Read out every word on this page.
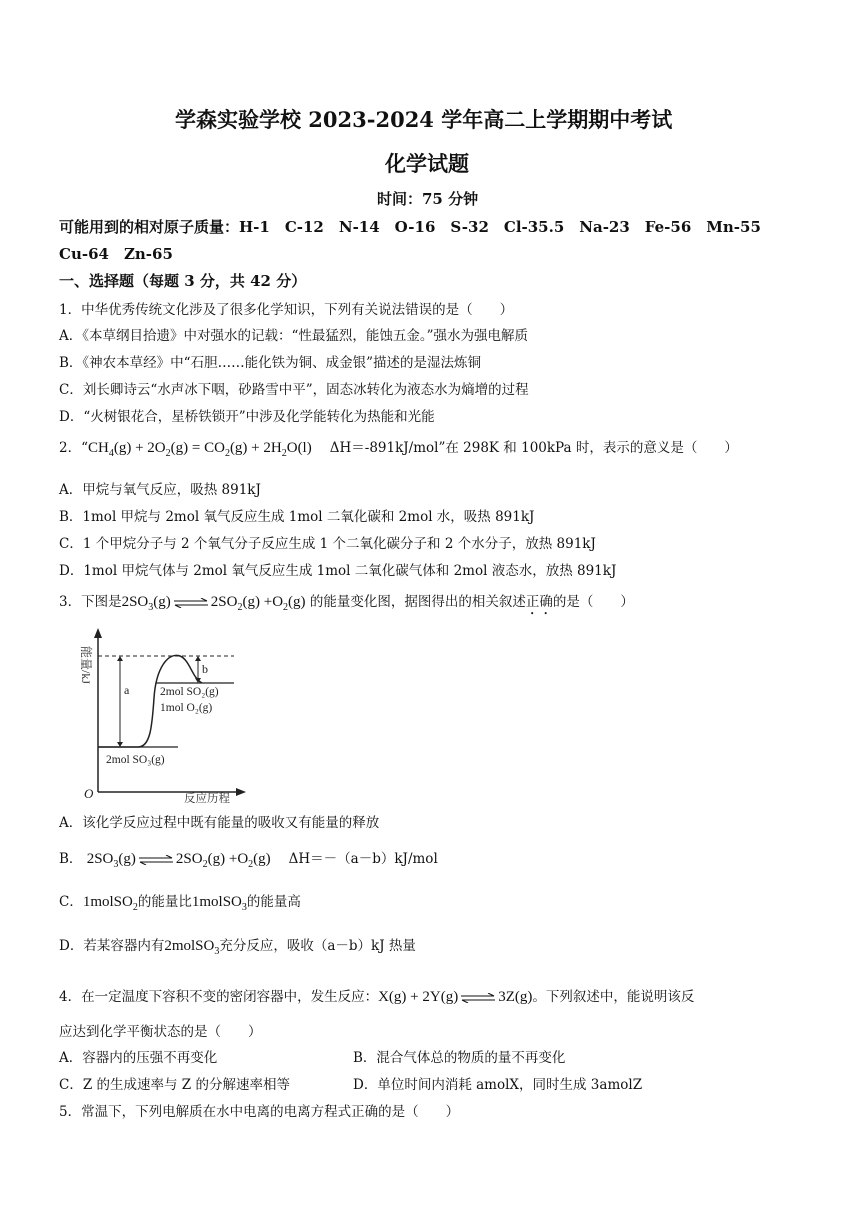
学森实验学校 2023-2024 学年高二上学期期中考试
化学试题
时间：75 分钟
可能用到的相对原子质量：H-1　C-12　N-14　O-16　S-32　Cl-35.5　Na-23　Fe-56　Mn-55
Cu-64　Zn-65
一、选择题（每题 3 分，共 42 分）
1．中华优秀传统文化涉及了很多化学知识，下列有关说法错误的是（　　）
A．《本草纲目拾遗》中对强水的记载：“性最猛烈，能蚀五金。”强水为强电解质
B．《神农本草经》中“石胆……能化铁为铜、成金银”描述的是湿法炼铜
C．刘长卿诗云“水声冰下咽，砂路雪中平”，固态冰转化为液态水为熵增的过程
D．“火树银花合，星桥铁锁开”中涉及化学能转化为热能和光能
2．“$CH_4(g) + 2O_2(g) = CO_2(g) + 2H_2O(l)$ ΔH＝-891kJ/mol”在 298K 和 100kPa 时，表示的意义是（　　）
A．甲烷与氧气反应，吸热 891kJ
B．1mol 甲烷与 2mol 氧气反应生成 1mol 二氧化碳和 2mol 水，吸热 891kJ
C．1 个甲烷分子与 2 个氧气分子反应生成 1 个二氧化碳分子和 2 个水分子，放热 891kJ
D．1mol 甲烷气体与 2mol 氧气反应生成 1mol 二氧化碳气体和 2mol 液态水，放热 891kJ
3．下图是$2SO_3(g)$	$2SO_2(g) +O_2(g)$ 的能量变化图，据图得出的相关叙述正确的是（　　）
能量/kJ
a
b
2mol SO₂(g)
1mol O₂(g)
2mol SO₃(g)
O	反应历程
A．该化学反应过程中既有能量的吸收又有能量的释放
B． $2SO_3(g)$	$2SO_2(g) +O_2(g)$ ΔH＝－（a－b）kJ/mol
C．1molSO$_2$的能量比1molSO$_3$的能量高
D．若某容器内有2molSO$_3$充分反应，吸收（a－b）kJ 热量
4．在一定温度下容积不变的密闭容器中，发生反应：X(g) + 2Y(g)	3Z(g)。下列叙述中，能说明该反
应达到化学平衡状态的是（　　）
A．容器内的压强不再变化	B．混合气体总的物质的量不再变化
C．Z 的生成速率与 Z 的分解速率相等	D．单位时间内消耗 amolX，同时生成 3amolZ
5．常温下，下列电解质在水中电离的电离方程式正确的是（　　）
